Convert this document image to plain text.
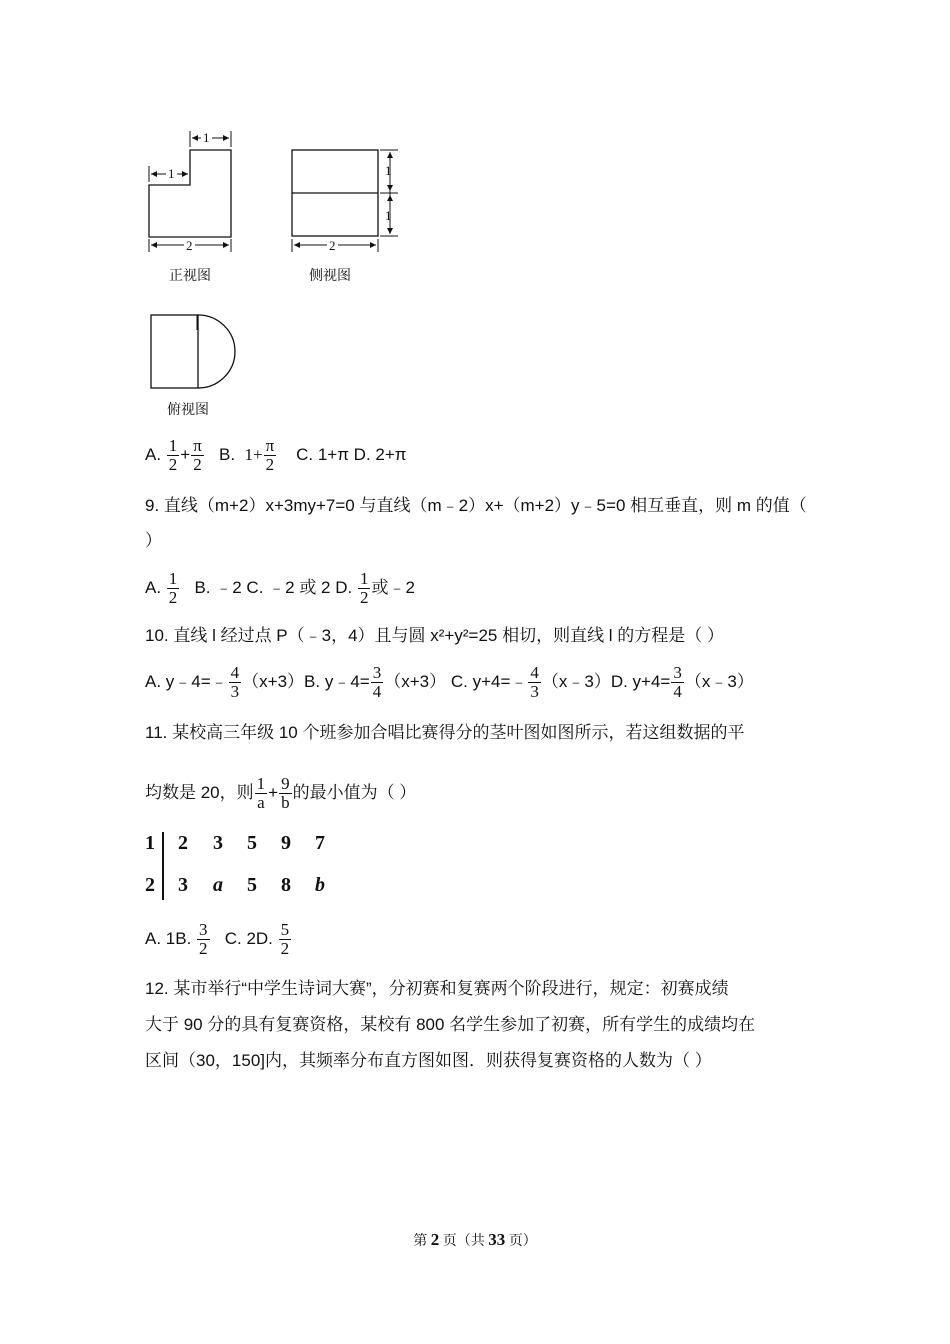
1
1
2
1
1
2
正视图	侧视图
俯视图
A. $\frac{1}{2} + \frac{\pi}{2} B$. $1+ \frac{\pi}{2} C$. 1+π D. 2+π
9. 直线（m+2）x+3my+7=0 与直线（m﹣2）x+（m+2）y﹣5=0 相互垂直，则 m 的值（
）
A. $\frac{1}{2} B$. ﹣2 C. ﹣2 或 2 D. $\frac{1}{2}$ 或﹣2
10. 直线 l 经过点 P（﹣3，4）且与圆 x²+y²=25 相切，则直线 l 的方程是（ ）
A. y﹣4=﹣ $\frac{4}{3} (x+3)B$. y﹣4= $\frac{3}{4} (x+3)$ C. y+4=﹣ $\frac{4}{3}$ （x﹣3）D. $y+4= \frac{3}{4}$ （x﹣3）
11. 某校高三年级 10 个班参加合唱比赛得分的茎叶图如图所示，若这组数据的平
均数是 20，则 $\frac{1}{a} + \frac{9}{b}$ 的最小值为（ ）
1 2 3 5 9 7
2 3 a 5 8 b
A. 1B. $\frac{3}{2} C$. 2D. $\frac{5}{2}$
12. 某市举行“中学生诗词大赛”，分初赛和复赛两个阶段进行，规定：初赛成绩
大于 90 分的具有复赛资格，某校有 800 名学生参加了初赛，所有学生的成绩均在
区间（30，150]内，其频率分布直方图如图．则获得复赛资格的人数为（ ）
第 2 页（共 33 页）
